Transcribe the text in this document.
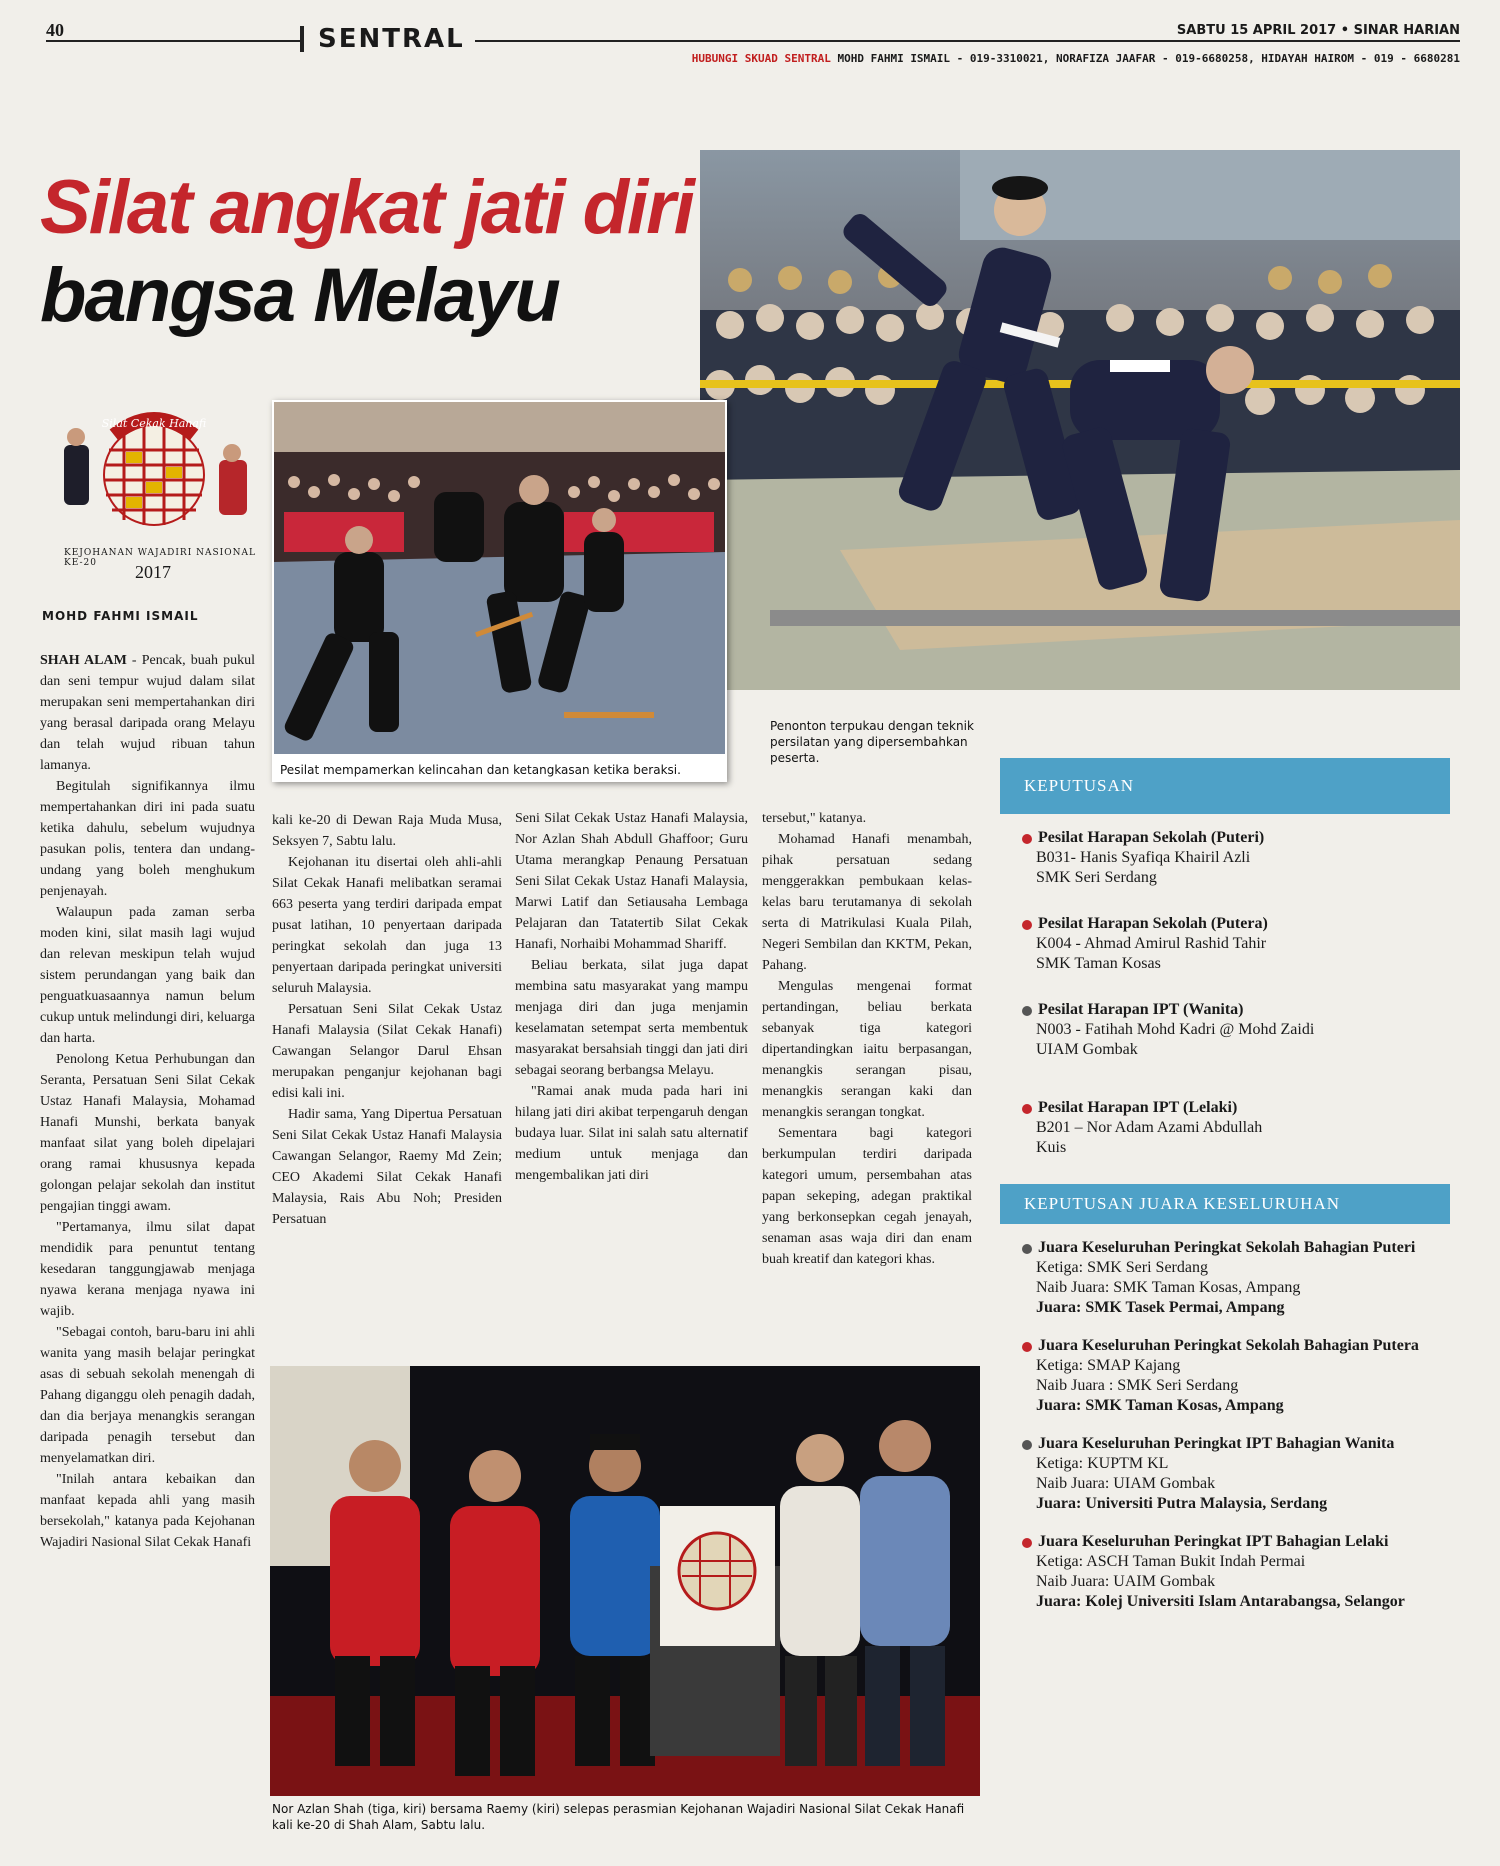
40	SENTRAL	SABTU 15 APRIL 2017 • SINAR HARIAN
HUBUNGI SKUAD SENTRAL MOHD FAHMI ISMAIL - 019-3310021, NORAFIZA JAAFAR - 019-6680258, HIDAYAH HAIROM - 019 - 6680281
Silat angkat jati diri
bangsa Melayu
Silat Cekak Hanafi
KEJOHANAN WAJADIRI NASIONAL KE-20	2017
MOHD FAHMI ISMAIL
Pesilat mempamerkan kelincahan dan ketangkasan ketika beraksi.
Penonton terpukau dengan teknik persilatan yang dipersembahkan peserta.

SHAH ALAM - Pencak, buah pukul dan seni tempur wujud dalam silat merupakan seni mempertahankan diri yang berasal daripada orang Melayu dan telah wujud ribuan tahun lamanya.

Begitulah signifikannya ilmu mempertahankan diri ini pada suatu ketika dahulu, sebelum wujudnya pasukan polis, tentera dan undang-undang yang boleh menghukum penjenayah.

Walaupun pada zaman serba moden kini, silat masih lagi wujud dan relevan meskipun telah wujud sistem perundangan yang baik dan penguatkuasaannya namun belum cukup untuk melindungi diri, keluarga dan harta.

Penolong Ketua Perhubungan dan Seranta, Persatuan Seni Silat Cekak Ustaz Hanafi Malaysia, Mohamad Hanafi Munshi, berkata banyak manfaat silat yang boleh dipelajari orang ramai khususnya kepada golongan pelajar sekolah dan institut pengajian tinggi awam.

"Pertamanya, ilmu silat dapat mendidik para penuntut tentang kesedaran tanggungjawab menjaga nyawa kerana menjaga nyawa ini wajib.

"Sebagai contoh, baru-baru ini ahli wanita yang masih belajar peringkat asas di sebuah sekolah menengah di Pahang diganggu oleh penagih dadah, dan dia berjaya menangkis serangan daripada penagih tersebut dan menyelamatkan diri.

"Inilah antara kebaikan dan manfaat kepada ahli yang masih bersekolah," katanya pada Kejohanan Wajadiri Nasional Silat Cekak Hanafi

kali ke-20 di Dewan Raja Muda Musa, Seksyen 7, Sabtu lalu.

Kejohanan itu disertai oleh ahli-ahli Silat Cekak Hanafi melibatkan seramai 663 peserta yang terdiri daripada empat pusat latihan, 10 penyertaan daripada peringkat sekolah dan juga 13 penyertaan daripada peringkat universiti seluruh Malaysia.

Persatuan Seni Silat Cekak Ustaz Hanafi Malaysia (Silat Cekak Hanafi) Cawangan Selangor Darul Ehsan merupakan penganjur kejohanan bagi edisi kali ini.

Hadir sama, Yang Dipertua Persatuan Seni Silat Cekak Ustaz Hanafi Malaysia Cawangan Selangor, Raemy Md Zein; CEO Akademi Silat Cekak Hanafi Malaysia, Rais Abu Noh; Presiden Persatuan

Seni Silat Cekak Ustaz Hanafi Malaysia, Nor Azlan Shah Abdull Ghaffoor; Guru Utama merangkap Penaung Persatuan Seni Silat Cekak Ustaz Hanafi Malaysia, Marwi Latif dan Setiausaha Lembaga Pelajaran dan Tatatertib Silat Cekak Hanafi, Norhaibi Mohammad Shariff.

Beliau berkata, silat juga dapat membina satu masyarakat yang mampu menjaga diri dan juga menjamin keselamatan setempat serta membentuk masyarakat bersahsiah tinggi dan jati diri sebagai seorang berbangsa Melayu.

"Ramai anak muda pada hari ini hilang jati diri akibat terpengaruh dengan budaya luar. Silat ini salah satu alternatif medium untuk menjaga dan mengembalikan jati diri

tersebut," katanya.

Mohamad Hanafi menambah, pihak persatuan sedang menggerakkan pembukaan kelas-kelas baru terutamanya di sekolah serta di Matrikulasi Kuala Pilah, Negeri Sembilan dan KKTM, Pekan, Pahang.

Mengulas mengenai format pertandingan, beliau berkata sebanyak tiga kategori dipertandingkan iaitu berpasangan, menangkis serangan pisau, menangkis serangan kaki dan menangkis serangan tongkat.

Sementara bagi kategori berkumpulan terdiri daripada kategori umum, persembahan atas papan sekeping, adegan praktikal yang berkonsepkan cegah jenayah, senaman asas waja diri dan enam buah kreatif dan kategori khas.

Nor Azlan Shah (tiga, kiri) bersama Raemy (kiri) selepas perasmian Kejohanan Wajadiri Nasional Silat Cekak Hanafi kali ke-20 di Shah Alam, Sabtu lalu.
KEPUTUSAN
Pesilat Harapan Sekolah (Puteri)
B031- Hanis Syafiqa Khairil Azli
SMK Seri Serdang
Pesilat Harapan Sekolah (Putera)
K004 - Ahmad Amirul Rashid Tahir
SMK Taman Kosas
Pesilat Harapan IPT (Wanita)
N003 - Fatihah Mohd Kadri @ Mohd Zaidi
UIAM Gombak
Pesilat Harapan IPT (Lelaki)
B201 – Nor Adam Azami Abdullah
Kuis
KEPUTUSAN JUARA KESELURUHAN
Juara Keseluruhan Peringkat Sekolah Bahagian Puteri
Ketiga: SMK Seri Serdang
Naib Juara: SMK Taman Kosas, Ampang
Juara: SMK Tasek Permai, Ampang
Juara Keseluruhan Peringkat Sekolah Bahagian Putera
Ketiga: SMAP Kajang
Naib Juara : SMK Seri Serdang
Juara: SMK Taman Kosas, Ampang
Juara Keseluruhan Peringkat IPT Bahagian Wanita
Ketiga: KUPTM KL
Naib Juara: UIAM Gombak
Juara: Universiti Putra Malaysia, Serdang
Juara Keseluruhan Peringkat IPT Bahagian Lelaki
Ketiga: ASCH Taman Bukit Indah Permai
Naib Juara: UAIM Gombak
Juara: Kolej Universiti Islam Antarabangsa, Selangor
